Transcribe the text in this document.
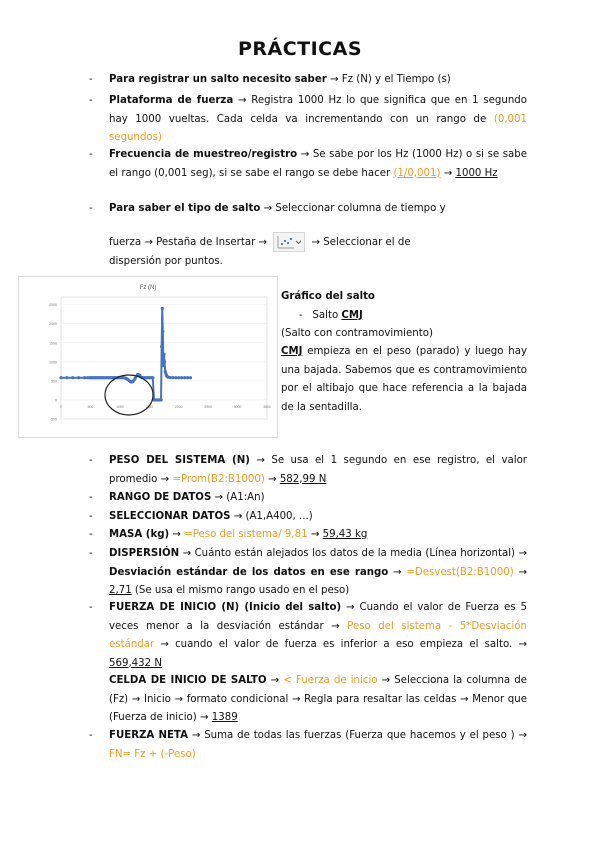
PRÁCTICAS
- Para registrar un salto necesito saber → Fz (N) y el Tiempo (s)
- Plataforma de fuerza → Registra 1000 Hz lo que significa que en 1 segundo hay 1000 vueltas. Cada celda va incrementando con un rango de (0,001 segundos)
- Frecuencia de muestreo/registro → Se sabe por los Hz (1000 Hz) o si se sabe el rango (0,001 seg), si se sabe el rango se debe hacer (1/0,001) → 1000 Hz
- Para saber el tipo de salto → Seleccionar columna de tiempo y
fuerza → Pestaña de Insertar →	→ Seleccionar el de
dispersión por puntos.
Fz (N)
2500
2000
1500
1000
500
0
-500
0	500	1000	1500	2000	2500	3000	3500
Gráfico del salto
-   Salto CMJ
(Salto con contramovimiento)
CMJ empieza en el peso (parado) y luego hay una bajada. Sabemos que es contramovimiento por el altibajo que hace referencia a la bajada de la sentadilla.
- PESO DEL SISTEMA (N) → Se usa el 1 segundo en ese registro, el valor promedio → =Prom(B2:B1000) → 582,99 N
- RANGO DE DATOS → (A1:An)
- SELECCIONAR DATOS → (A1,A400, ...)
- MASA (kg) → =Peso del sistema/ 9,81 → 59,43 kg
- DISPERSIÓN → Cuánto están alejados los datos de la media (Línea horizontal) → Desviación estándar de los datos en ese rango → =Desvest(B2:B1000) → 2,71 (Se usa el mismo rango usado en el peso)
- FUERZA DE INICIO (N) (Inicio del salto) → Cuando el valor de Fuerza es 5 veces menor a la desviación estándar → Peso del sistema - 5*Desviación estándar → cuando el valor de fuerza es inferior a eso empieza el salto. → 569,432 N
CELDA DE INICIO DE SALTO → < Fuerza de inicio → Selecciona la columna de (Fz) → Inicio → formato condicional → Regla para resaltar las celdas → Menor que (Fuerza de inicio) → 1389
- FUERZA NETA → Suma de todas las fuerzas (Fuerza que hacemos y el peso ) → FN= Fz + (-Peso)
